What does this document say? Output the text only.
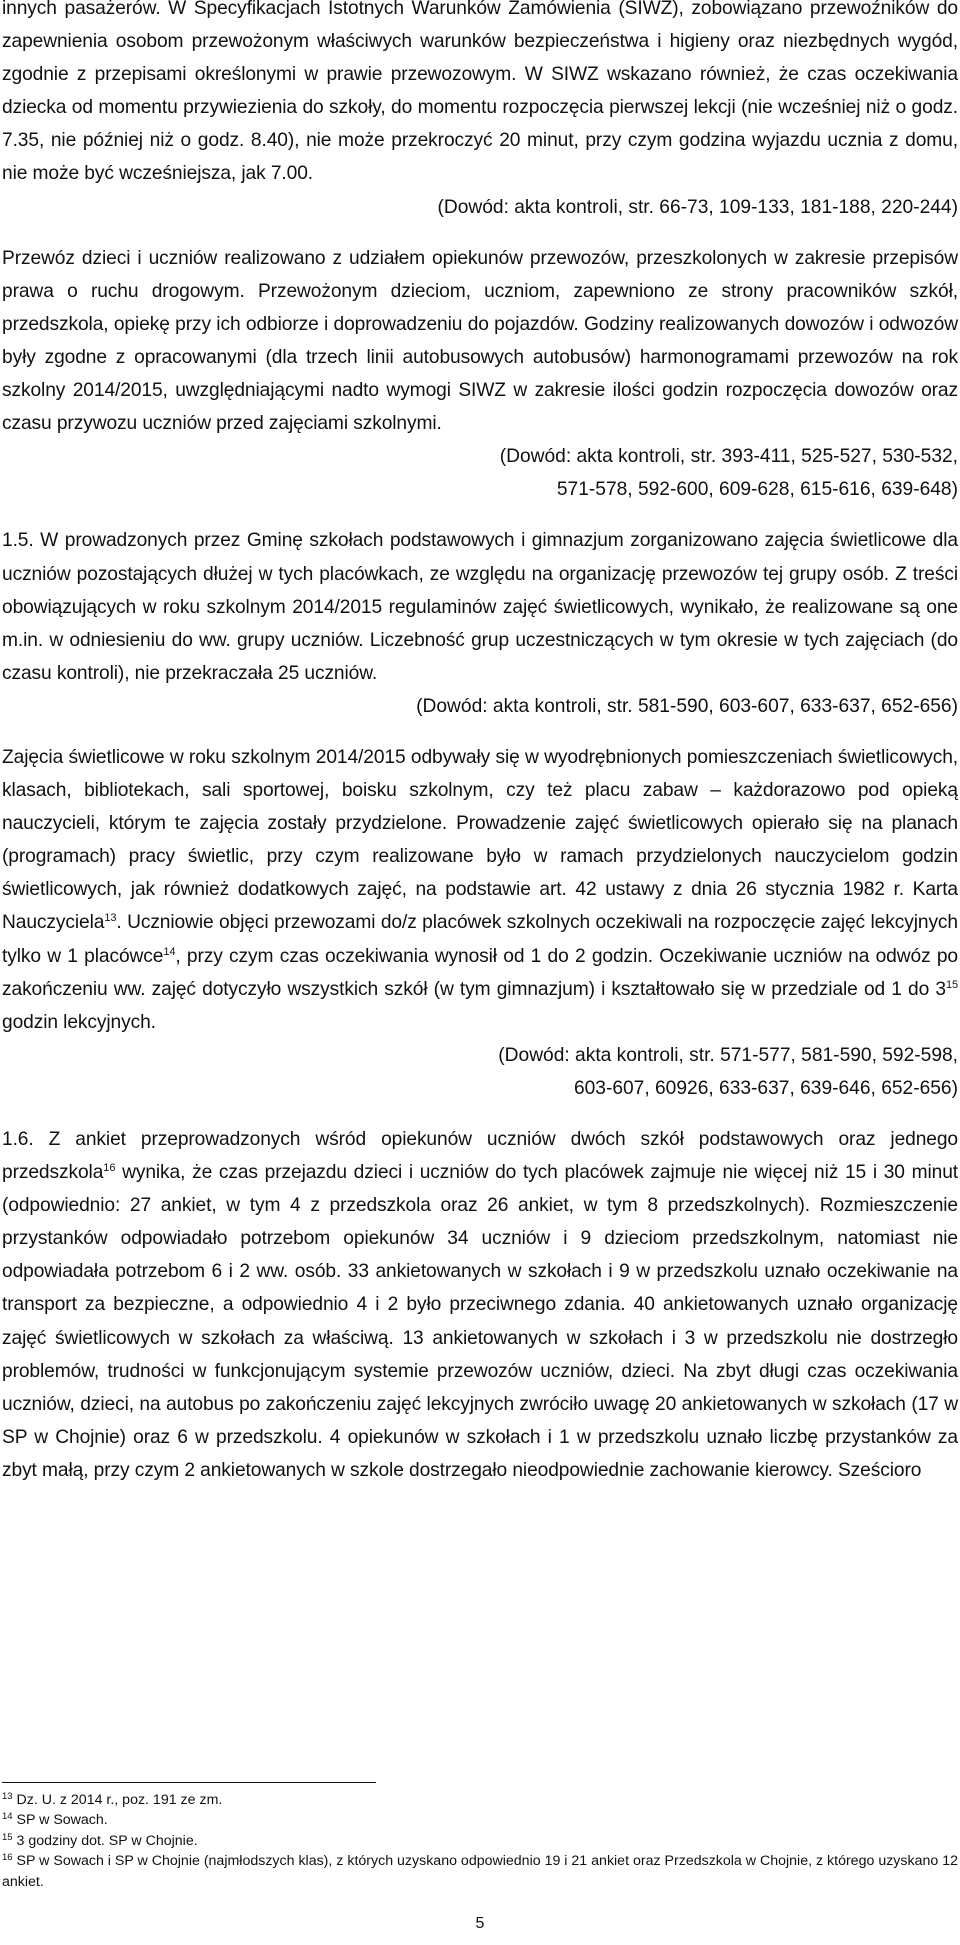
innych pasażerów. W Specyfikacjach Istotnych Warunków Zamówienia (SIWZ), zobowiązano przewoźników do zapewnienia osobom przewożonym właściwych warunków bezpieczeństwa i higieny oraz niezbędnych wygód, zgodnie z przepisami określonymi w prawie przewozowym. W SIWZ wskazano również, że czas oczekiwania dziecka od momentu przywiezienia do szkoły, do momentu rozpoczęcia pierwszej lekcji (nie wcześniej niż o godz. 7.35, nie później niż o godz. 8.40), nie może przekroczyć 20 minut, przy czym godzina wyjazdu ucznia z domu, nie może być wcześniejsza, jak 7.00.

(Dowód: akta kontroli, str. 66-73, 109-133, 181-188, 220-244)

Przewóz dzieci i uczniów realizowano z udziałem opiekunów przewozów, przeszkolonych w zakresie przepisów prawa o ruchu drogowym. Przewożonym dzieciom, uczniom, zapewniono ze strony pracowników szkół, przedszkola, opiekę przy ich odbiorze i doprowadzeniu do pojazdów. Godziny realizowanych dowozów i odwozów były zgodne z opracowanymi (dla trzech linii autobusowych autobusów) harmonogramami przewozów na rok szkolny 2014/2015, uwzględniającymi nadto wymogi SIWZ w zakresie ilości godzin rozpoczęcia dowozów oraz czasu przywozu uczniów przed zajęciami szkolnymi.

(Dowód: akta kontroli, str. 393-411, 525-527, 530-532,

571-578, 592-600, 609-628, 615-616, 639-648)

1.5. W prowadzonych przez Gminę szkołach podstawowych i gimnazjum zorganizowano zajęcia świetlicowe dla uczniów pozostających dłużej w tych placówkach, ze względu na organizację przewozów tej grupy osób. Z treści obowiązujących w roku szkolnym 2014/2015 regulaminów zajęć świetlicowych, wynikało, że realizowane są one m.in. w odniesieniu do ww. grupy uczniów. Liczebność grup uczestniczących w tym okresie w tych zajęciach (do czasu kontroli), nie przekraczała 25 uczniów.

(Dowód: akta kontroli, str. 581-590, 603-607, 633-637, 652-656)

Zajęcia świetlicowe w roku szkolnym 2014/2015 odbywały się w wyodrębnionych pomieszczeniach świetlicowych, klasach, bibliotekach, sali sportowej, boisku szkolnym, czy też placu zabaw – każdorazowo pod opieką nauczycieli, którym te zajęcia zostały przydzielone. Prowadzenie zajęć świetlicowych opierało się na planach (programach) pracy świetlic, przy czym realizowane było w ramach przydzielonych nauczycielom godzin świetlicowych, jak również dodatkowych zajęć, na podstawie art. 42 ustawy z dnia 26 stycznia 1982 r. Karta Nauczyciela$^{13}$. Uczniowie objęci przewozami do/z placówek szkolnych oczekiwali na rozpoczęcie zajęć lekcyjnych tylko w 1 placówce$^{14}$, przy czym czas oczekiwania wynosił od 1 do 2 godzin. Oczekiwanie uczniów na odwóz po zakończeniu ww. zajęć dotyczyło wszystkich szkół (w tym gimnazjum) i kształtowało się w przedziale od 1 do $3^{15}$ godzin lekcyjnych.

(Dowód: akta kontroli, str. 571-577, 581-590, 592-598,

603-607, 60926, 633-637, 639-646, 652-656)

1.6. Z ankiet przeprowadzonych wśród opiekunów uczniów dwóch szkół podstawowych oraz jednego przedszkola$^{16}$ wynika, że czas przejazdu dzieci i uczniów do tych placówek zajmuje nie więcej niż 15 i 30 minut (odpowiednio: 27 ankiet, w tym 4 z przedszkola oraz 26 ankiet, w tym 8 przedszkolnych). Rozmieszczenie przystanków odpowiadało potrzebom opiekunów 34 uczniów i 9 dzieciom przedszkolnym, natomiast nie odpowiadała potrzebom 6 i 2 ww. osób. 33 ankietowanych w szkołach i 9 w przedszkolu uznało oczekiwanie na transport za bezpieczne, a odpowiednio 4 i 2 było przeciwnego zdania. 40 ankietowanych uznało organizację zajęć świetlicowych w szkołach za właściwą. 13 ankietowanych w szkołach i 3 w przedszkolu nie dostrzegło problemów, trudności w funkcjonującym systemie przewozów uczniów, dzieci. Na zbyt długi czas oczekiwania uczniów, dzieci, na autobus po zakończeniu zajęć lekcyjnych zwróciło uwagę 20 ankietowanych w szkołach (17 w SP w Chojnie) oraz 6 w przedszkolu. 4 opiekunów w szkołach i 1 w przedszkolu uznało liczbę przystanków za zbyt małą, przy czym 2 ankietowanych w szkole dostrzegało nieodpowiednie zachowanie kierowcy. Sześcioro

$^{13}$ Dz. U. z 2014 r., poz. 191 ze zm.

$^{14}$ SP w Sowach.

$^{15}$ 3 godziny dot. SP w Chojnie.

$^{16}$ SP w Sowach i SP w Chojnie (najmłodszych klas), z których uzyskano odpowiednio 19 i 21 ankiet oraz Przedszkola w Chojnie, z którego uzyskano 12 ankiet.

5
